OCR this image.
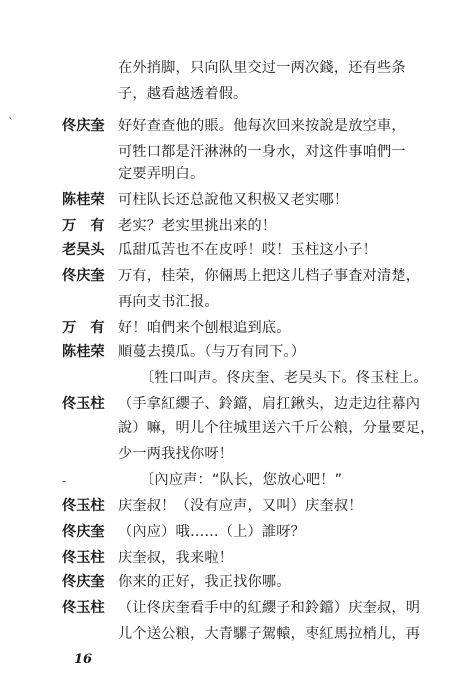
ˋ
-
16
在外捎脚，只向队里交过一两次錢，还有些条
子，越看越透着假。
佟庆奎 好好查查他的賬。他每次回来按說是放空車，
可牲口都是汗淋淋的一身水，对这件事咱們一
定要弄明白。
陈桂荣 可柱队长还总說他又积极又老实哪！
万　有 老实？老实里挑出来的！
老吴头 瓜甜瓜苦也不在皮呼！哎！玉柱这小子！
佟庆奎 万有，桂荣，你倆馬上把这儿档子事査对清楚，
再向支书汇报。
万　有 好！咱們来个刨根追到底。
陈桂荣 順蔓去摸瓜。（与万有同下。）
〔牲口叫声。佟庆奎、老吴头下。佟玉柱上。
佟玉柱 （手拿紅纓子、鈴鐺，肩扛鍬头，边走边往幕內
說）嘛，明儿个往城里送六千斤公粮，分量要足，
少一两我找你呀！
〔內应声：“队长，您放心吧！”
佟玉柱 庆奎叔！（没有应声，又叫）庆奎叔！
佟庆奎 （內应）哦……（上）誰呀？
佟玉柱 庆奎叔，我来啦！
佟庆奎 你来的正好，我正找你哪。
佟玉柱 （让佟庆奎看手中的紅纓子和鈴鐺）庆奎叔，明
儿个送公粮，大青騾子駕轅，枣紅馬拉梢儿，再
